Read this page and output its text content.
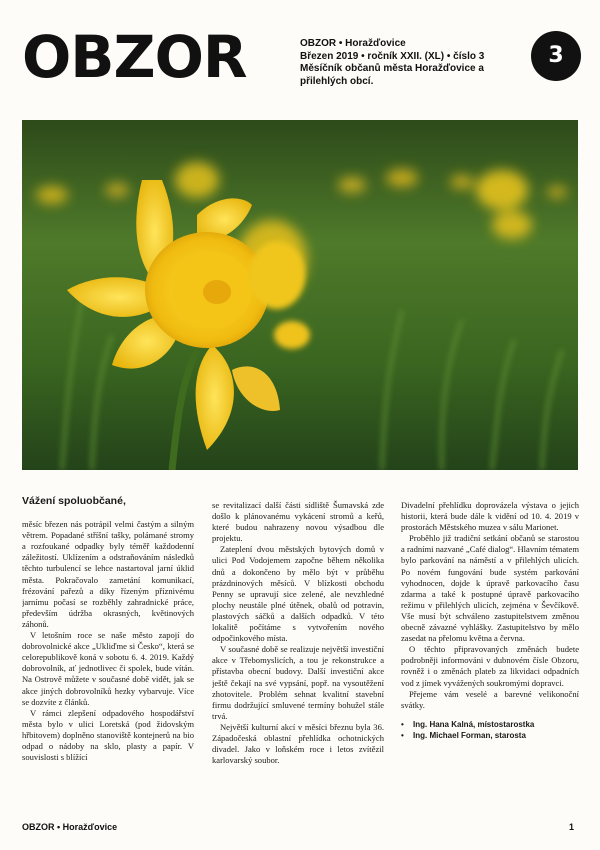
OBZOR	OBZOR • Horažďovice
Březen 2019 • ročník XXII. (XL) • číslo 3
Měsíčník občanů města Horažďovice a přilehlých obcí.
3

Vážení spoluobčané,

měsíc březen nás potrápil velmi častým a silným větrem. Popadané stříšní tašky, polámané stromy a rozfoukané odpadky byly téměř každodenní záležitostí. Uklízením a odstraňováním následků těchto turbulencí se lehce nastartoval jarní úklid města. Pokračovalo zametání komunikací, frézování pařezů a díky řízeným příznivému jarnímu počasí se rozběhly zahradnické práce, především údržba okrasných, květinových záhonů.

V letošním roce se naše město zapojí do dobrovolnické akce „Ukliďme si Česko“, která se celorepublikově koná v sobotu 6. 4. 2019. Každý dobrovolník, ať jednotlivec či spolek, bude vítán. Na Ostrově můžete v současné době vidět, jak se akce jiných dobrovolníků hezky vybarvuje. Více se dozvíte z článků.

V rámci zlepšení odpadového hospodářství města bylo v ulici Loretská (pod židovským hřbitovem) doplněno stanoviště kontejnerů na bio odpad o nádoby na sklo, plasty a papír. V souvislosti s blížící

se revitalizací další části sídliště Šumavská zde došlo k plánovanému vykácení stromů a keřů, které budou nahrazeny novou výsadbou dle projektu.

Zateplení dvou městských bytových domů v ulici Pod Vodojemem započne během několika dnů a dokončeno by mělo být v průběhu prázdninových měsíců. V blízkosti obchodu Penny se upravují sice zelené, ale nevzhledné plochy neustále plné útěnek, obalů od potravin, plastových sáčků a dalších odpadků. V této lokalitě počítáme s vytvořením nového odpočinkového místa.

V současné době se realizuje největší investiční akce v Třebomyslicích, a tou je rekonstrukce a přístavba obecní budovy. Další investiční akce ještě čekají na své vypsání, popř. na vysoutěžení zhotovitele. Problém sehnat kvalitní stavební firmu dodržující smluvené termíny bohužel stále trvá.

Největší kulturní akcí v měsíci březnu byla 36. Západočeská oblastní přehlídka ochotnických divadel. Jako v loňském roce i letos zvítězil karlovarský soubor.

Divadelní přehlídku doprovázela výstava o jejich historii, která bude dále k vidění od 10. 4. 2019 v prostorách Městského muzea v sálu Marionet.

Proběhlo již tradiční setkání občanů se starostou a radními nazvané „Café dialog“. Hlavním tématem bylo parkování na náměstí a v přilehlých ulicích. Po novém fungování bude systém parkování vyhodnocen, dojde k úpravě parkovacího času zdarma a také k postupné úpravě parkovacího režimu v přilehlých ulicích, zejména v Ševčíkově. Vše musí být schváleno zastupitelstvem změnou obecně závazné vyhlášky. Zastupitelstvo by mělo zasedat na přelomu května a června.

O těchto připravovaných změnách budete podrobněji informováni v dubnovém čísle Obzoru, rovněž i o změnách plateb za likvidaci odpadních vod z jímek vyvážených soukromými dopravci.

Přejeme vám veselé a barevné velikonoční svátky.

• Ing. Hana Kalná, místostarostka
• Ing. Michael Forman, starosta
OBZOR • Horažďovice	1
